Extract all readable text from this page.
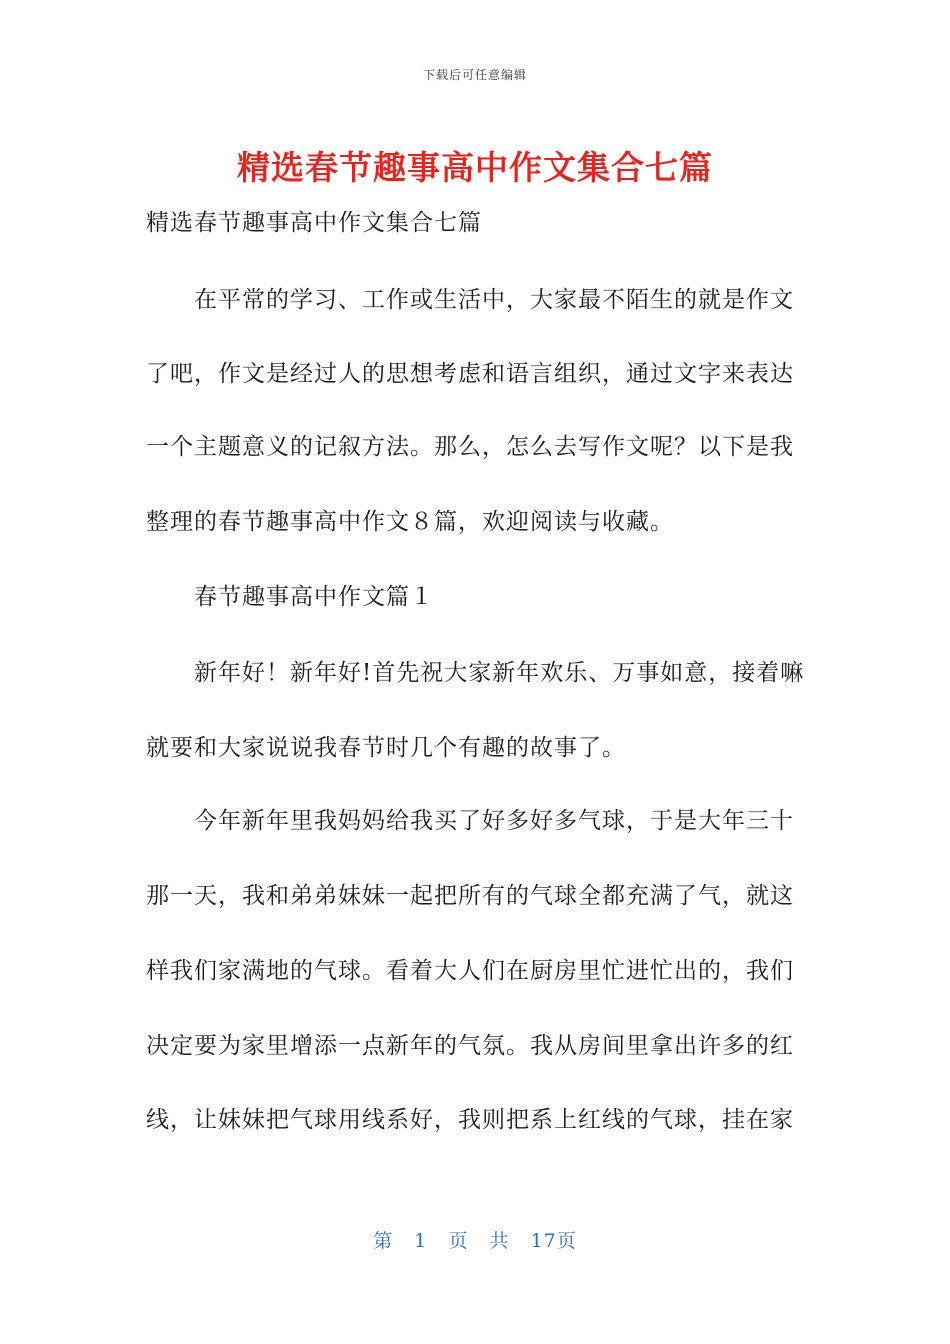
下载后可任意编辑
精选春节趣事高中作文集合七篇
精选春节趣事高中作文集合七篇
在平常的学习、工作或生活中，大家最不陌生的就是作文
了吧，作文是经过人的思想考虑和语言组织，通过文字来表达
一个主题意义的记叙方法。那么，怎么去写作文呢？以下是我
整理的春节趣事高中作文８篇，欢迎阅读与收藏。
春节趣事高中作文篇１
新年好！新年好!首先祝大家新年欢乐、万事如意，接着嘛
就要和大家说说我春节时几个有趣的故事了。
今年新年里我妈妈给我买了好多好多气球，于是大年三十
那一天，我和弟弟妹妹一起把所有的气球全都充满了气，就这
样我们家满地的气球。看着大人们在厨房里忙进忙出的，我们
决定要为家里增添一点新年的气氛。我从房间里拿出许多的红
线，让妹妹把气球用线系好，我则把系上红线的气球，挂在家
第 1 页 共 17页
